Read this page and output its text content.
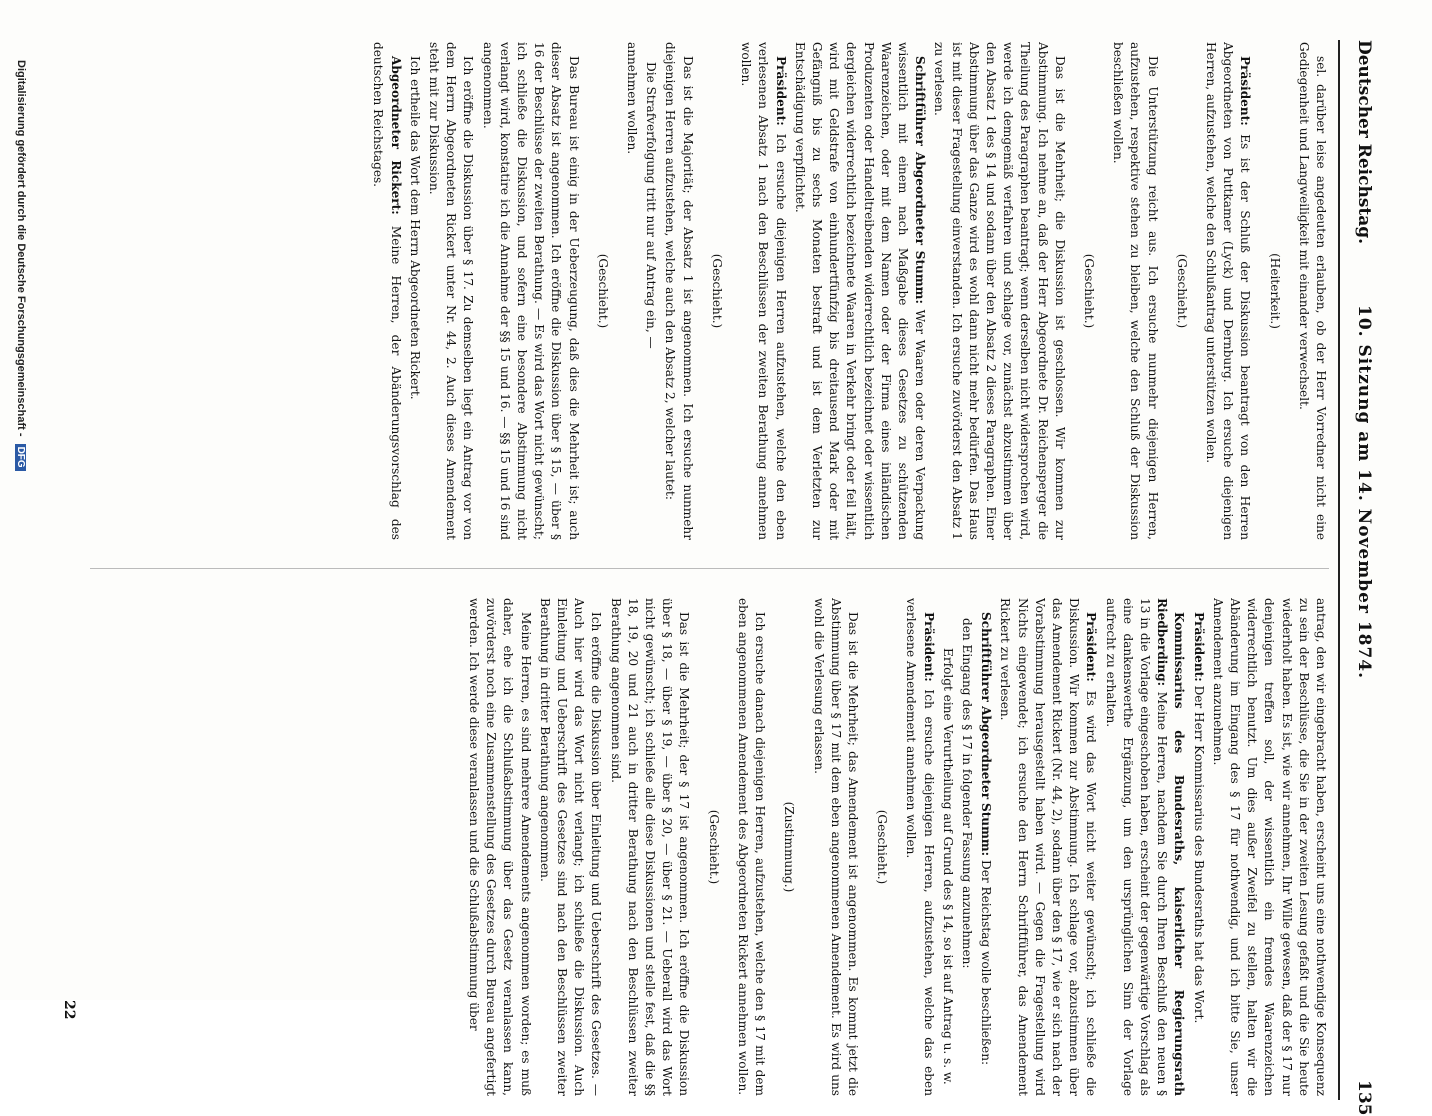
Deutscher Reichstag.
10. Sitzung am 14. November 1874.
135

sel. darüber leise angedeuten erlauben, ob der Herr Vorredner nicht eine Gediegenheit und Langweiligkeit mit einander verwechselt.

(Heiterkeit.)

Präsident: Es ist der Schluß der Diskussion beantragt von den Herren Abgeordneten von Puttkamer (Lyck) und Dernburg. Ich ersuche diejenigen Herren, aufzustehen, welche den Schlußantrag unterstützen wollen.

(Geschieht.)

Die Unterstützung reicht aus. Ich ersuche nunmehr diejenigen Herren, aufzustehen, respektive stehen zu bleiben, welche den Schluß der Diskussion beschließen wollen.

(Geschieht.)

Das ist die Mehrheit; die Diskussion ist geschlossen. Wir kommen zur Abstimmung. Ich nehme an, daß der Herr Abgeordnete Dr. Reichensperger die Theilung des Paragraphen beantragt; wenn derselben nicht widersprochen wird, werde ich demgemäß verfahren und schlage vor, zunächst abzustimmen über den Absatz 1 des § 14 und sodann über den Absatz 2 dieses Paragraphen. Einer Abstimmung über das Ganze wird es wohl dann nicht mehr bedürfen. Das Haus ist mit dieser Fragestellung einverstanden. Ich ersuche zuvörderst den Absatz 1 zu verlesen.

Schriftführer Abgeordneter Stumm: Wer Waaren oder deren Verpackung wissentlich mit einem nach Maßgabe dieses Gesetzes zu schützenden Waarenzeichen, oder mit dem Namen oder der Firma eines inländischen Produzenten oder Handeltreibenden widerrechtlich bezeichnet oder wissentlich dergleichen widerrechtlich bezeichnete Waaren in Verkehr bringt oder feil hält, wird mit Geldstrafe von einhundertfünfzig bis dreitausend Mark oder mit Gefängniß bis zu sechs Monaten bestraft und ist dem Verletzten zur Entschädigung verpflichtet.

Präsident: Ich ersuche diejenigen Herren aufzustehen, welche den eben verlesenen Absatz 1 nach den Beschlüssen der zweiten Berathung annehmen wollen.

(Geschieht.)

Das ist die Majorität; der Absatz 1 ist angenommen. Ich ersuche nunmehr diejenigen Herren aufzustehen, welche auch den Absatz 2, welcher lautet:

Die Strafverfolgung tritt nur auf Antrag ein, —

annehmen wollen.

(Geschieht.)

Das Bureau ist einig in der Ueberzeugung, daß dies die Mehrheit ist; auch dieser Absatz ist angenommen. Ich eröffne die Diskussion über § 15, — über § 16 der Beschlüsse der zweiten Berathung. — Es wird das Wort nicht gewünscht; ich schließe die Diskussion, und sofern eine besondere Abstimmung nicht verlangt wird, konstatire ich die Annahme der §§ 15 und 16. — §§ 15 und 16 sind angenommen.

Ich eröffne die Diskussion über § 17. Zu demselben liegt ein Antrag vor von dem Herrn Abgeordneten Rickert unter Nr. 44, 2. Auch dieses Amendement steht mit zur Diskussion.

Ich ertheile das Wort dem Herrn Abgeordneten Rickert.

Abgeordneter Rickert: Meine Herren, der Abänderungsvorschlag des deutschen Reichstages.

antrag, den wir eingebracht haben, erscheint uns eine nothwendige Konsequenz zu sein der Beschlüsse, die Sie in der zweiten Lesung gefaßt und die Sie heute wiederholt haben. Es ist, wie wir annehmen, Ihr Wille gewesen, daß der § 17 nur denjenigen treffen soll, der wissentlich ein fremdes Waarenzeichen widerrechtlich benutzt. Um dies außer Zweifel zu stellen, halten wir die Abänderung im Eingang des § 17 für nothwendig, und ich bitte Sie, unser Amendement anzunehmen.

Präsident: Der Herr Kommissarius des Bundesraths hat das Wort.

Kommissarius des Bundesraths, kaiserlicher Regierungsrath Riedberding: Meine Herren, nachdem Sie durch Ihren Beschluß den neuen § 13 in die Vorlage eingeschoben haben, erscheint der gegenwärtige Vorschlag als eine dankenswerthe Ergänzung, um den ursprünglichen Sinn der Vorlage aufrecht zu erhalten.

Präsident: Es wird das Wort nicht weiter gewünscht; ich schließe die Diskussion. Wir kommen zur Abstimmung. Ich schlage vor, abzustimmen über das Amendement Rickert (Nr. 44, 2), sodann über den § 17, wie er sich nach der Vorabstimmung herausgestellt haben wird. — Gegen die Fragestellung wird Nichts eingewendet; ich ersuche den Herrn Schriftführer, das Amendement Rickert zu verlesen.

Schriftführer Abgeordneter Stumm: Der Reichstag wolle beschließen:

den Eingang des § 17 in folgender Fassung anzunehmen:

Erfolgt eine Verurtheilung auf Grund des § 14, so ist auf Antrag u. s. w.

Präsident: Ich ersuche diejenigen Herren, aufzustehen, welche das eben verlesene Amendement annehmen wollen.

(Geschieht.)

Das ist die Mehrheit; das Amendement ist angenommen. Es kommt jetzt die Abstimmung über § 17 mit dem eben angenommenen Amendement. Es wird uns wohl die Verlesung erlassen.

(Zustimmung.)

Ich ersuche danach diejenigen Herren, aufzustehen, welche den § 17 mit dem eben angenommenen Amendement des Abgeordneten Rickert annehmen wollen.

(Geschieht.)

Das ist die Mehrheit; der § 17 ist angenommen. Ich eröffne die Diskussion über § 18, — über § 19, — über § 20, — über § 21. — Ueberall wird das Wort nicht gewünscht; ich schließe alle diese Diskussionen und stelle fest, daß die §§ 18, 19, 20 und 21 auch in dritter Berathung nach den Beschlüssen zweiter Berathung angenommen sind.

Ich eröffne die Diskussion über Einleitung und Ueberschrift des Gesetzes. — Auch hier wird das Wort nicht verlangt; ich schließe die Diskussion. Auch Einleitung und Ueberschrift des Gesetzes sind nach den Beschlüssen zweiter Berathung in dritter Berathung angenommen.

Meine Herren, es sind mehrere Amendements angenommen worden; es muß daher, ehe ich die Schlußabstimmung über das Gesetz veranlassen kann, zuvörderst noch eine Zusammenstellung des Gesetzes durch Bureau angefertigt werden. Ich werde diese veranlassen und die Schlußabstimmung über

22
Digitalisierung gefördert durch die Deutsche Forschungsgemeinschaft - DFG
